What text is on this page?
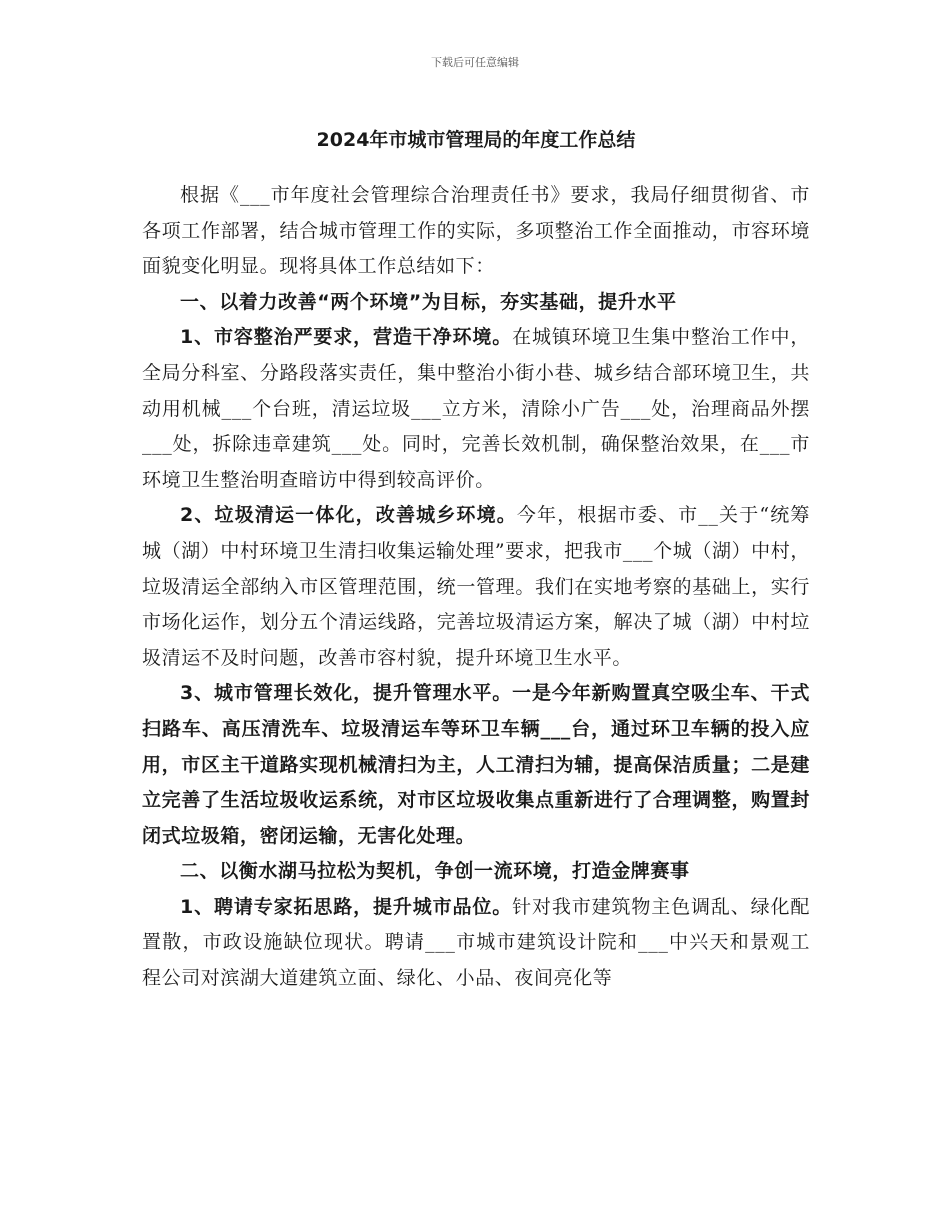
下载后可任意编辑
2024年市城市管理局的年度工作总结

根据《___市年度社会管理综合治理责任书》要求，我局仔细贯彻省、市各项工作部署，结合城市管理工作的实际，多项整治工作全面推动，市容环境面貌变化明显。现将具体工作总结如下：

一、以着力改善“两个环境”为目标，夯实基础，提升水平

1、市容整治严要求，营造干净环境。在城镇环境卫生集中整治工作中，全局分科室、分路段落实责任，集中整治小街小巷、城乡结合部环境卫生，共动用机械___个台班，清运垃圾___立方米，清除小广告___处，治理商品外摆___处，拆除违章建筑___处。同时，完善长效机制，确保整治效果，在___市环境卫生整治明查暗访中得到较高评价。

2、垃圾清运一体化，改善城乡环境。今年，根据市委、市__关于“统筹城（湖）中村环境卫生清扫收集运输处理”要求，把我市___个城（湖）中村，垃圾清运全部纳入市区管理范围，统一管理。我们在实地考察的基础上，实行市场化运作，划分五个清运线路，完善垃圾清运方案，解决了城（湖）中村垃圾清运不及时问题，改善市容村貌，提升环境卫生水平。

3、城市管理长效化，提升管理水平。一是今年新购置真空吸尘车、干式扫路车、高压清洗车、垃圾清运车等环卫车辆___台，通过环卫车辆的投入应用，市区主干道路实现机械清扫为主，人工清扫为辅，提高保洁质量；二是建立完善了生活垃圾收运系统，对市区垃圾收集点重新进行了合理调整，购置封闭式垃圾箱，密闭运输，无害化处理。

二、以衡水湖马拉松为契机，争创一流环境，打造金牌赛事

1、聘请专家拓思路，提升城市品位。针对我市建筑物主色调乱、绿化配置散，市政设施缺位现状。聘请___市城市建筑设计院和___中兴天和景观工程公司对滨湖大道建筑立面、绿化、小品、夜间亮化等
